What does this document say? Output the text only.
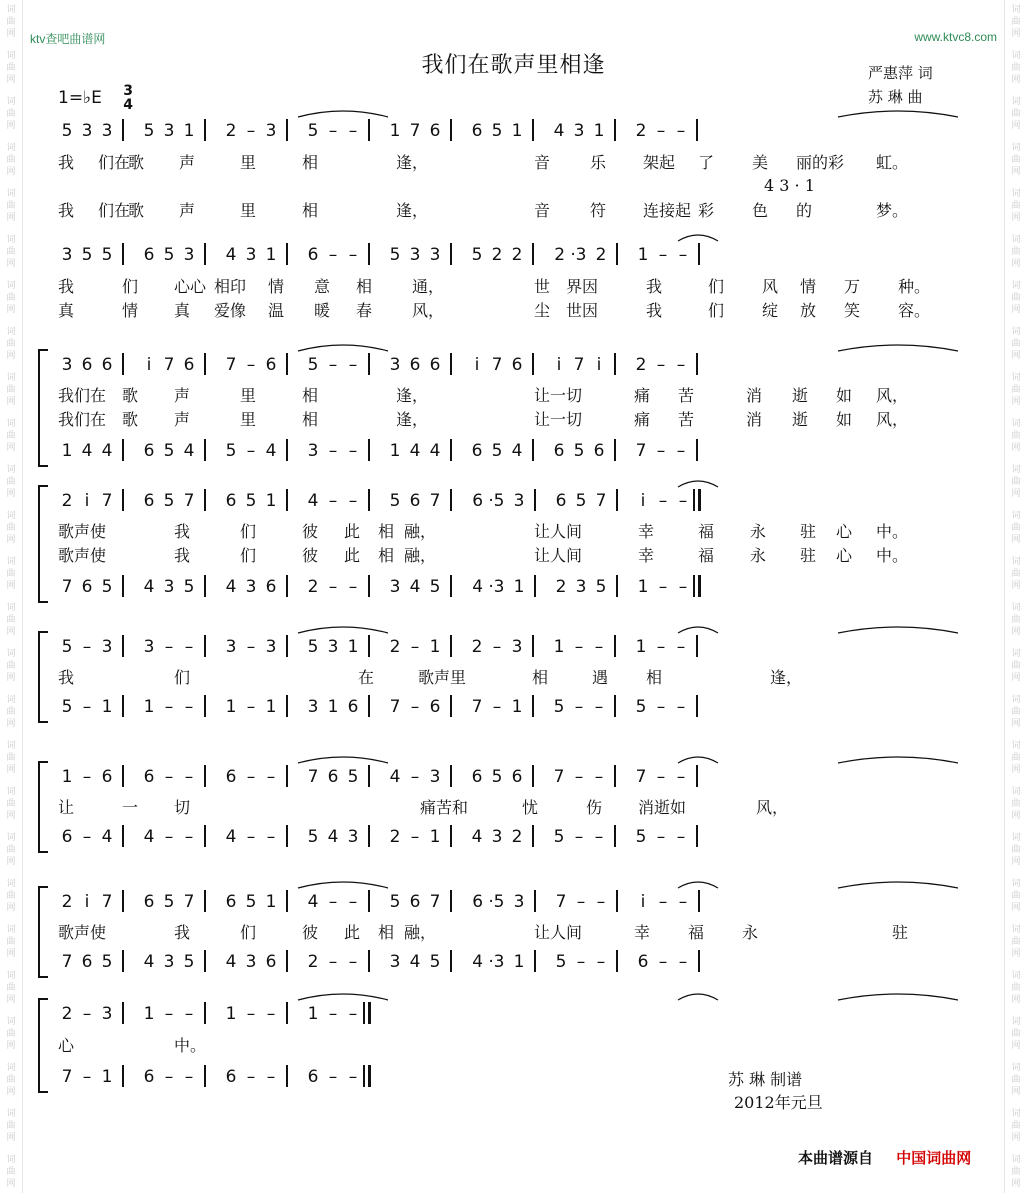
词
曲
网
词
曲
网
词
曲
网
词
曲
网
词
曲
网
词
曲
网
词
曲
网
词
曲
网
词
曲
网
词
曲
网
词
曲
网
词
曲
网
词
曲
网
词
曲
网
词
曲
网
词
曲
网
词
曲
网
词
曲
网
词
曲
网
词
曲
网
词
曲
网
词
曲
网
词
曲
网
词
曲
网
词
曲
网
词
曲
网
词
曲
网
词
曲
网
词
曲
网
词
曲
网
词
曲
网
词
曲
网
词
曲
网
词
曲
网
词
曲
网
词
曲
网
词
曲
网
词
曲
网
词
曲
网
词
曲
网
词
曲
网
词
曲
网
词
曲
网
词
曲
网
词
曲
网
词
曲
网
词
曲
网
词
曲
网
词
曲
网
词
曲
网
词
曲
网
词
曲
网
ktv查吧曲谱网	www.ktvc8.com
我们在歌声里相逢	严惠萍 词
苏 琳 曲
1=♭E 3
4
5 3 3 5 3 1 2 – 3 5 – – 1 7 6 6 5 1 4 3 1 2 – –
我 们在
歌 声	里	相	逢，	音 乐 架起 了 美 丽的彩 虹。
我 们在
歌 声	里	相	逢，	音 符 连接起 彩 色 的	梦。
4 3 · 1
3 5 5 6 5 3 4 3 1 6 – – 5 3 3 5 2 2 2 · 3 2 1 – –
我	们 心心 相印 情 意 相 通，	世 界因	我	们 风 情 万 种。
真	情 真 爱像 温 暖 春 风，	尘 世因	我	们 绽 放 笑 容。
3 6 6	i 7 6 7 – 6 5 – – 3 6 6	i 7 6	i 7 i	2 – –
1 4 4 6 5 4 5 – 4 3 – – 1 4 4 6 5 4 6 5 6 7 – –
我们在 歌 声	里	相	逢，	让一切	痛 苦	消 逝 如 风，
我们在 歌 声	里	相	逢，	让一切	痛 苦	消 逝 如 风，
2 i 7 6 5 7 6 5 1 4 – – 5 6 7 6 · 5 3 6 5 7	i – –
7 6 5 4 3 5 4 3 6 2 – – 3 4 5 4 · 3 1 2 3 5 1 – –
歌声使	我	们	彼 此 相 融，	让人间	幸	福 永 驻 心 中。
歌声使	我	们	彼 此 相 融，	让人间	幸	福 永 驻 心 中。
5 – 3 3 – – 3 – 3 5 3 1 2 – 1 2 – 3 1 – – 1 – –
5 – 1 1 – – 1 – 1 3 1 6 7 – 6 7 – 1 5 – – 5 – –
我	们	在	歌声里	相	遇 相	逢，
1 – 6 6 – – 6 – – 7 6 5 4 – 3 6 5 6 7 – – 7 – –
6 – 4 4 – – 4 – – 5 4 3 2 – 1 4 3 2 5 – – 5 – –
让	一 切	痛苦和	忧	伤 消逝如	风，
2 i 7 6 5 7 6 5 1 4 – – 5 6 7 6 · 5 3 7 – –	i – –
7 6 5 4 3 5 4 3 6 2 – – 3 4 5 4 · 3 1 5 – – 6 – –
歌声使	我	们	彼 此 相 融，	让人间	幸 福 永	驻
2 – 3 1 – – 1 – – 1 – –
7 – 1 6 – – 6 – – 6 – –
心	中。
苏 琳 制谱
2012年元旦
本曲谱源自 中国词曲网
